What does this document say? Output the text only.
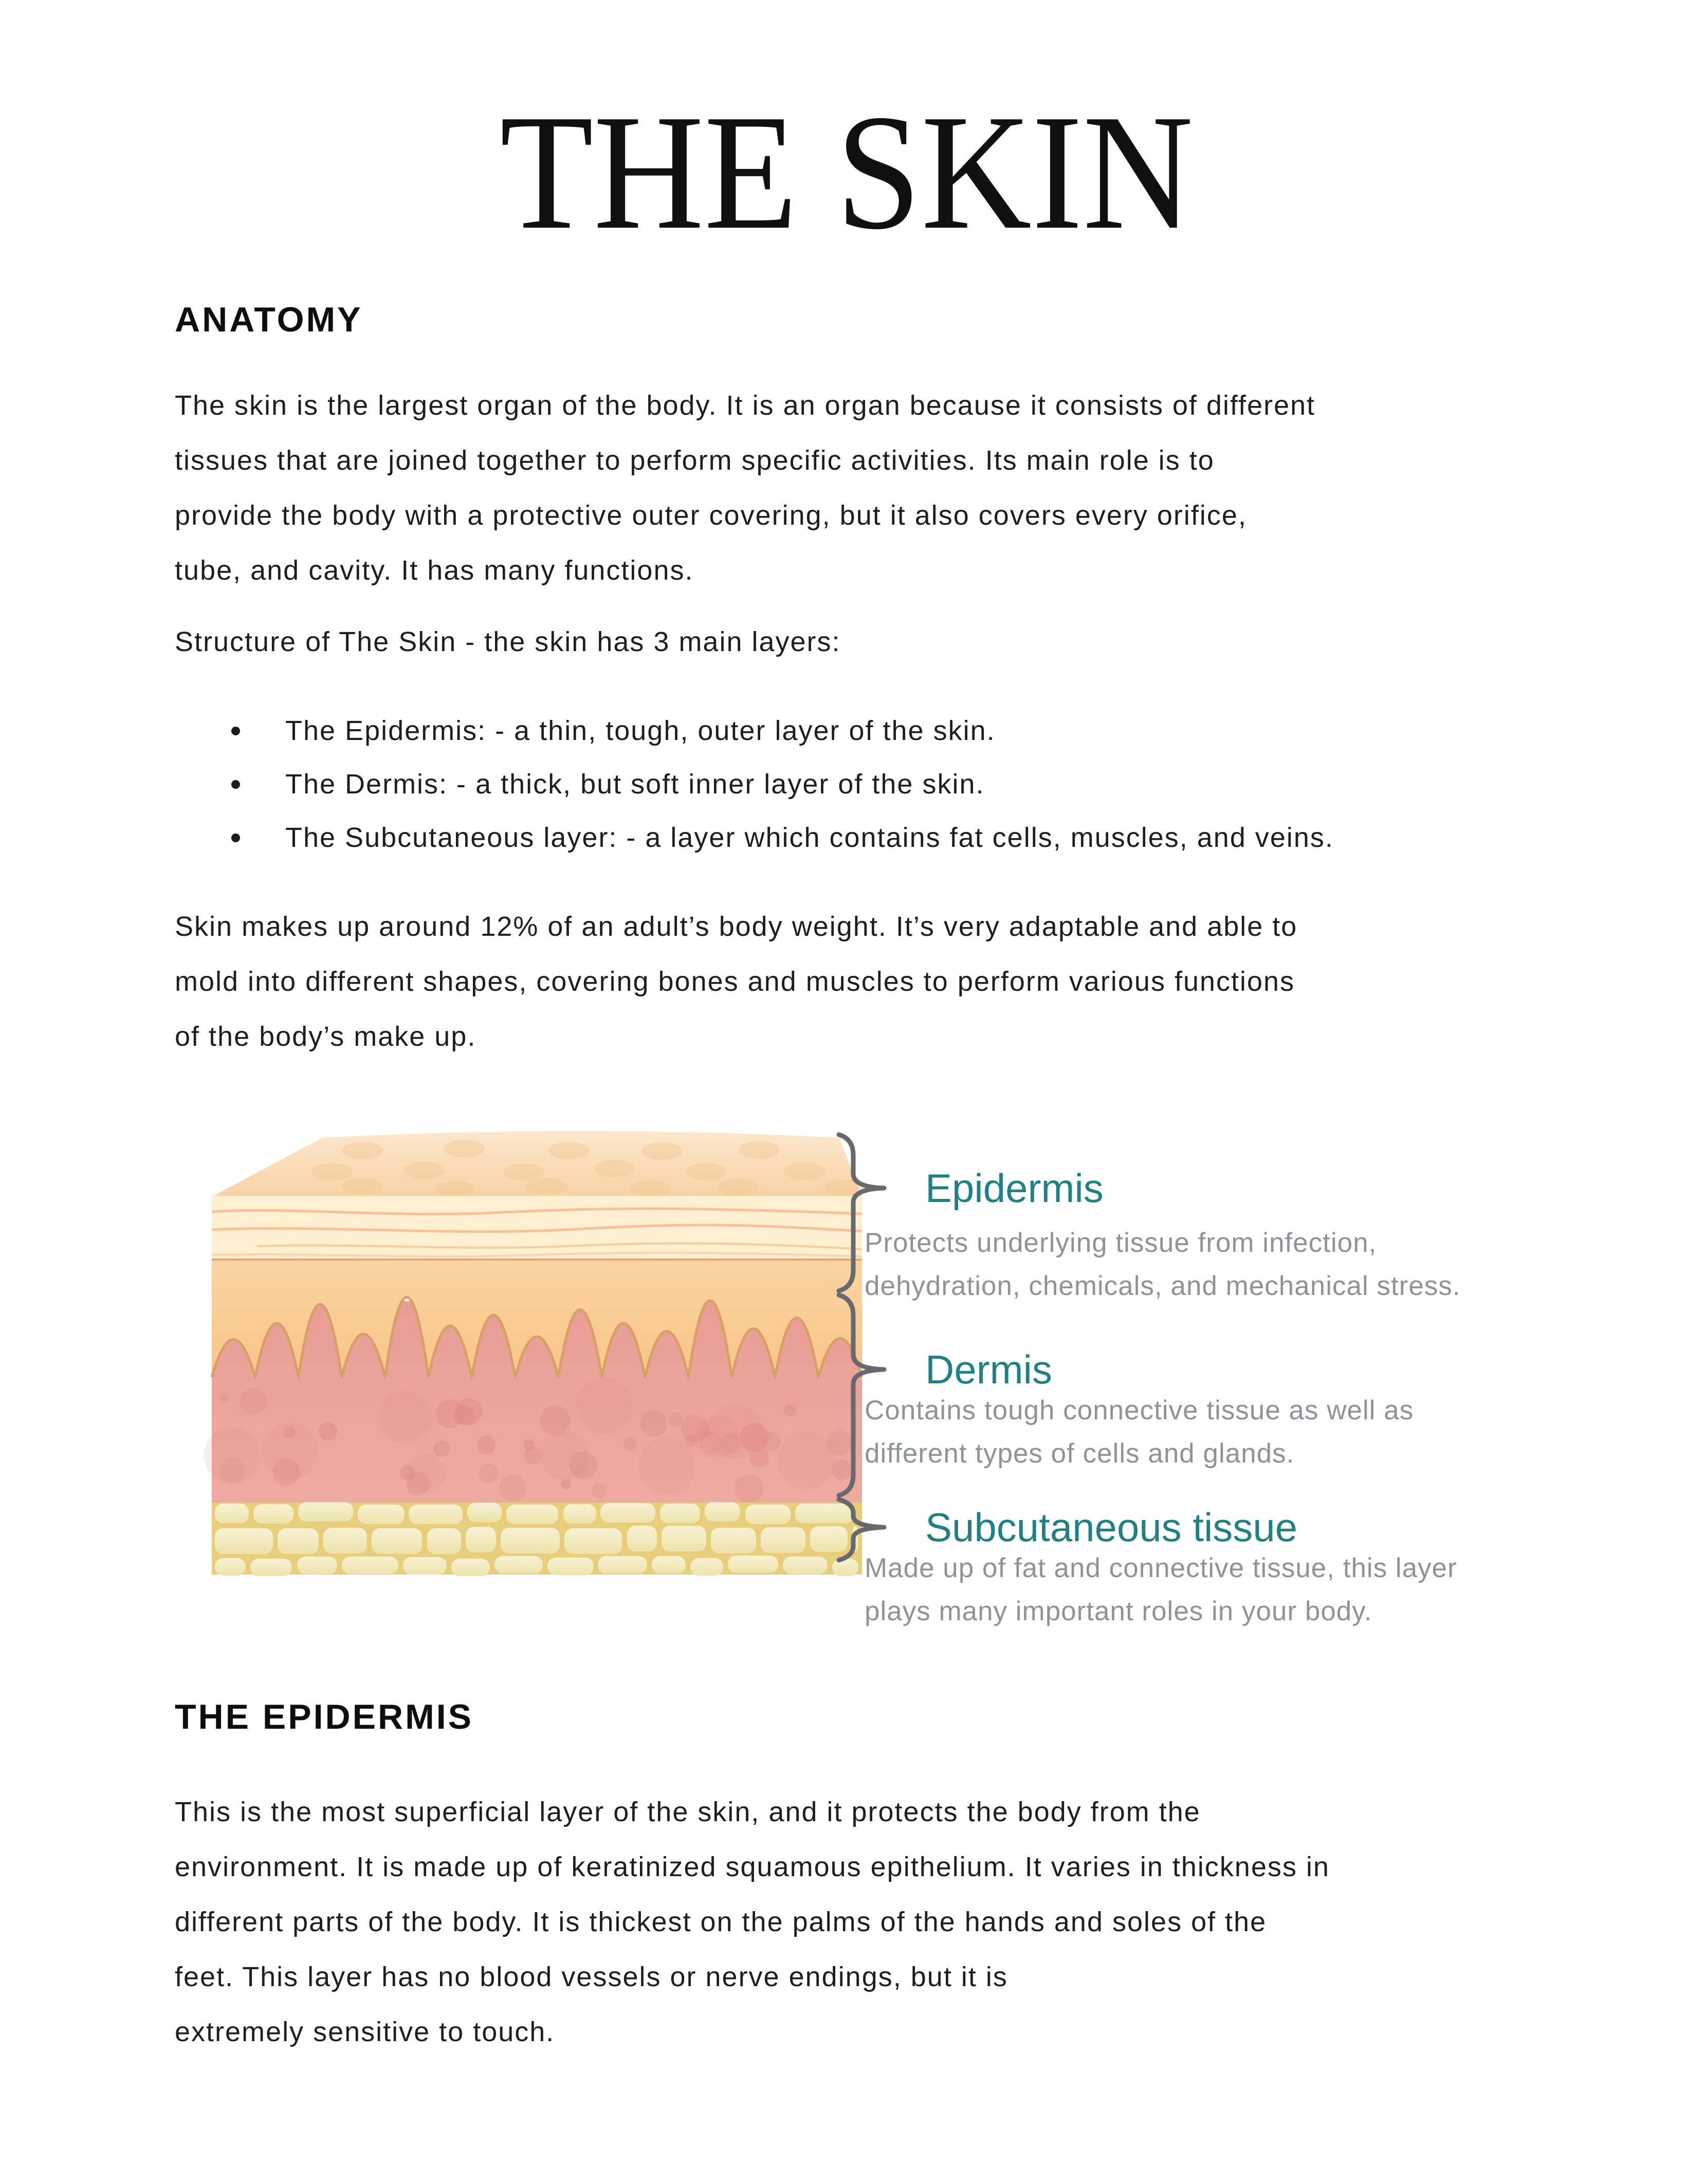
THE SKIN
ANATOMY
The skin is the largest organ of the body. It is an organ because it consists of different
tissues that are joined together to perform specific activities. Its main role is to
provide the body with a protective outer covering, but it also covers every orifice,
tube, and cavity. It has many functions.
Structure of The Skin - the skin has 3 main layers:
The Epidermis: - a thin, tough, outer layer of the skin.
The Dermis: - a thick, but soft inner layer of the skin.
The Subcutaneous layer: - a layer which contains fat cells, muscles, and veins.
Skin makes up around 12% of an adult’s body weight. It’s very adaptable and able to
mold into different shapes, covering bones and muscles to perform various functions
of the body’s make up.
Epidermis
Protects underlying tissue from infection,
dehydration, chemicals, and mechanical stress.
Dermis
Contains tough connective tissue as well as
different types of cells and glands.
Subcutaneous tissue
Made up of fat and connective tissue, this layer
plays many important roles in your body.
THE EPIDERMIS
This is the most superficial layer of the skin, and it protects the body from the
environment. It is made up of keratinized squamous epithelium. It varies in thickness in
different parts of the body. It is thickest on the palms of the hands and soles of the
feet. This layer has no blood vessels or nerve endings, but it is
extremely sensitive to touch.
